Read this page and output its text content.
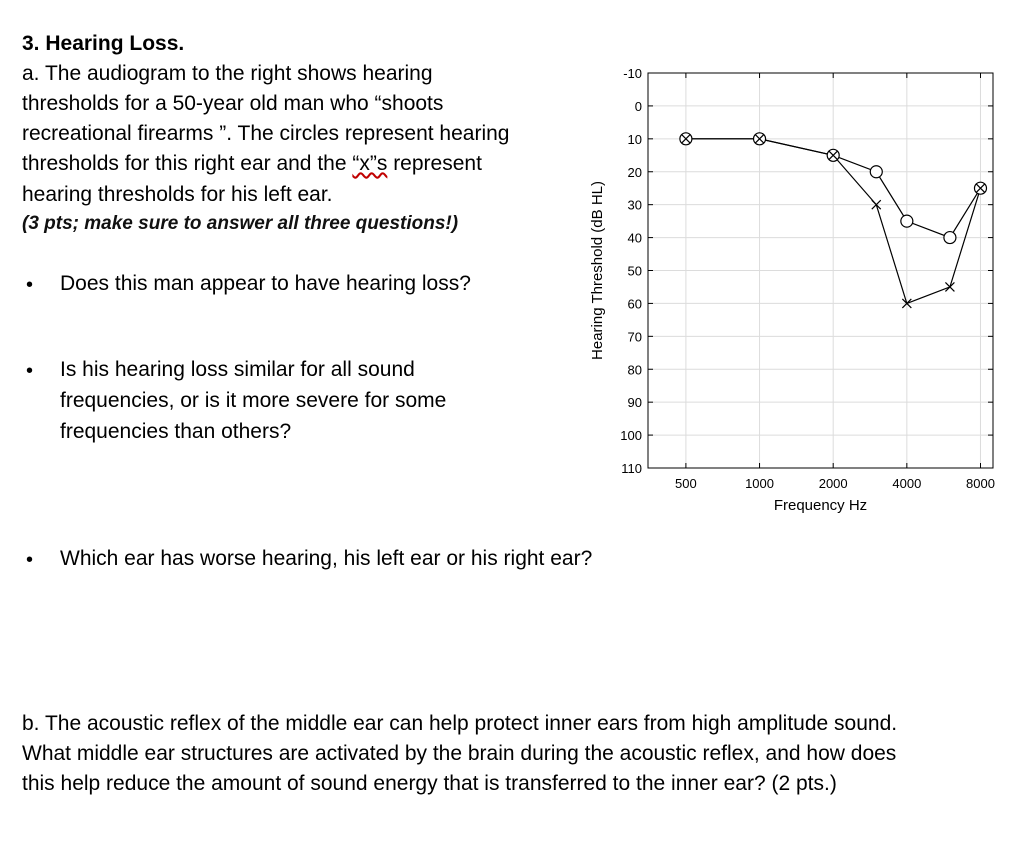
3. Hearing Loss.
a. The audiogram to the right shows hearing
thresholds for a 50-year old man who “shoots
recreational firearms ”. The circles represent hearing
thresholds for this right ear and the “x”s represent
hearing thresholds for his left ear.
(3 pts; make sure to answer all three questions!)
• Does this man appear to have hearing loss?
• Is his hearing loss similar for all sound
frequencies, or is it more severe for some
frequencies than others?
• Which ear has worse hearing, his left ear or his right ear?
b. The acoustic reflex of the middle ear can help protect inner ears from high amplitude sound.
What middle ear structures are activated by the brain during the acoustic reflex, and how does
this help reduce the amount of sound energy that is transferred to the inner ear? (2 pts.)
-10
0
10
20
30
40
50
60
70
80
90
100
110
500	1000	2000	4000	8000
Frequency Hz
Hearing Threshold (dB HL)
